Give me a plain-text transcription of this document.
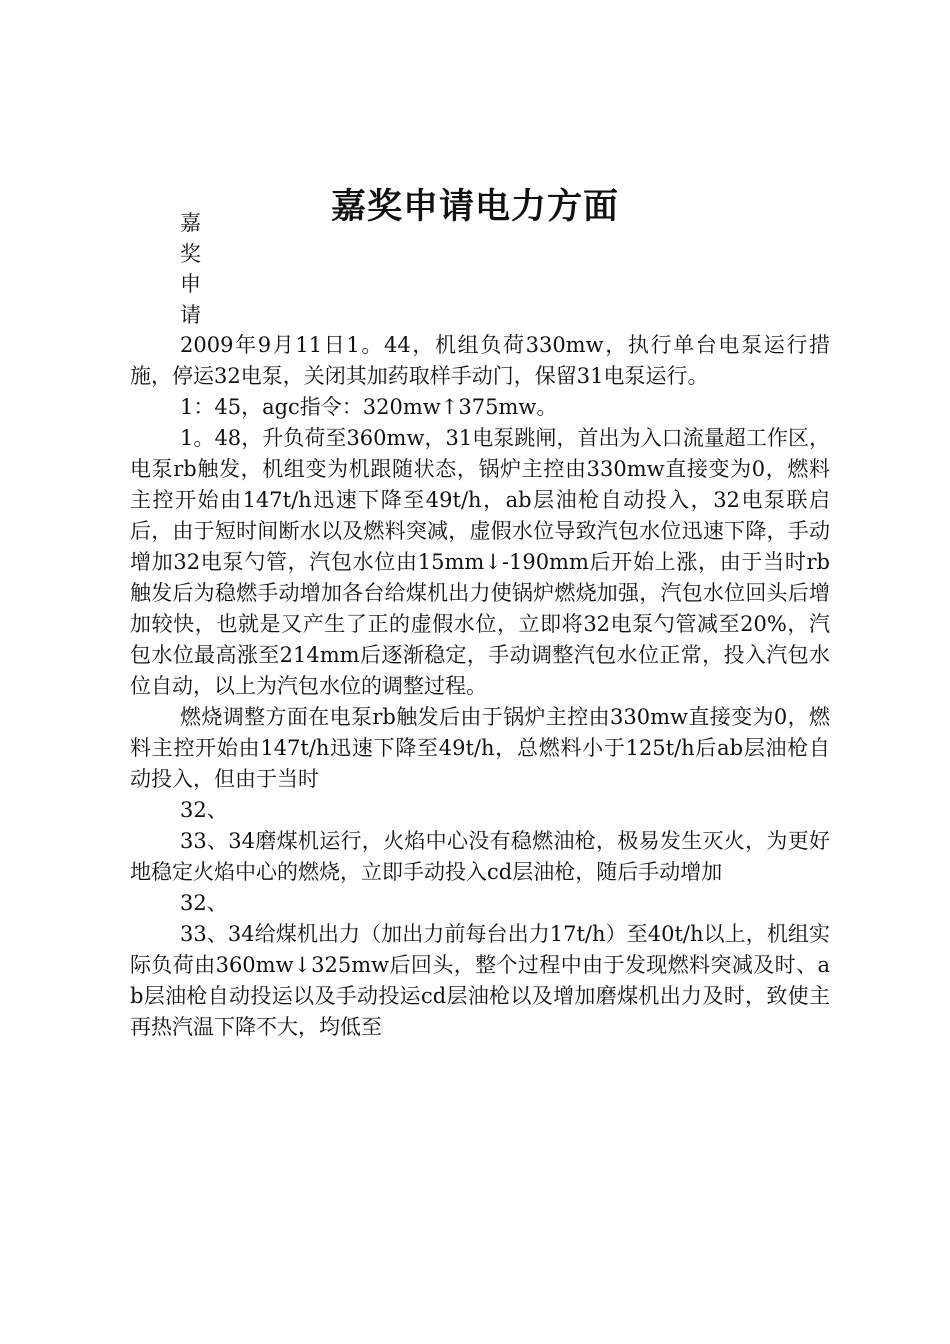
嘉奖申请电力方面
嘉
奖
申
请

2009年9月11日1。44，机组负荷330mw，执行单台电泵运行措施，停运32电泵，关闭其加药取样手动门，保留31电泵运行。

1：45，agc指令：320mw↑375mw。

1。48，升负荷至360mw，31电泵跳闸，首出为入口流量超工作区，电泵rb触发，机组变为机跟随状态，锅炉主控由330mw直接变为0，燃料主控开始由147t/h迅速下降至49t/h，ab层油枪自动投入，32电泵联启后，由于短时间断水以及燃料突减，虚假水位导致汽包水位迅速下降，手动增加32电泵勺管，汽包水位由15mm↓-190mm后开始上涨，由于当时rb触发后为稳燃手动增加各台给煤机出力使锅炉燃烧加强，汽包水位回头后增加较快，也就是又产生了正的虚假水位，立即将32电泵勺管减至20%，汽包水位最高涨至214mm后逐渐稳定，手动调整汽包水位正常，投入汽包水位自动，以上为汽包水位的调整过程。

燃烧调整方面在电泵rb触发后由于锅炉主控由330mw直接变为0，燃料主控开始由147t/h迅速下降至49t/h，总燃料小于125t/h后ab层油枪自动投入，但由于当时

32、

33、34磨煤机运行，火焰中心没有稳燃油枪，极易发生灭火，为更好地稳定火焰中心的燃烧，立即手动投入cd层油枪，随后手动增加

32、

33、34给煤机出力（加出力前每台出力17t/h）至40t/h以上，机组实际负荷由360mw↓325mw后回头，整个过程中由于发现燃料突减及时、ab层油枪自动投运以及手动投运cd层油枪以及增加磨煤机出力及时，致使主再热汽温下降不大，均低至
